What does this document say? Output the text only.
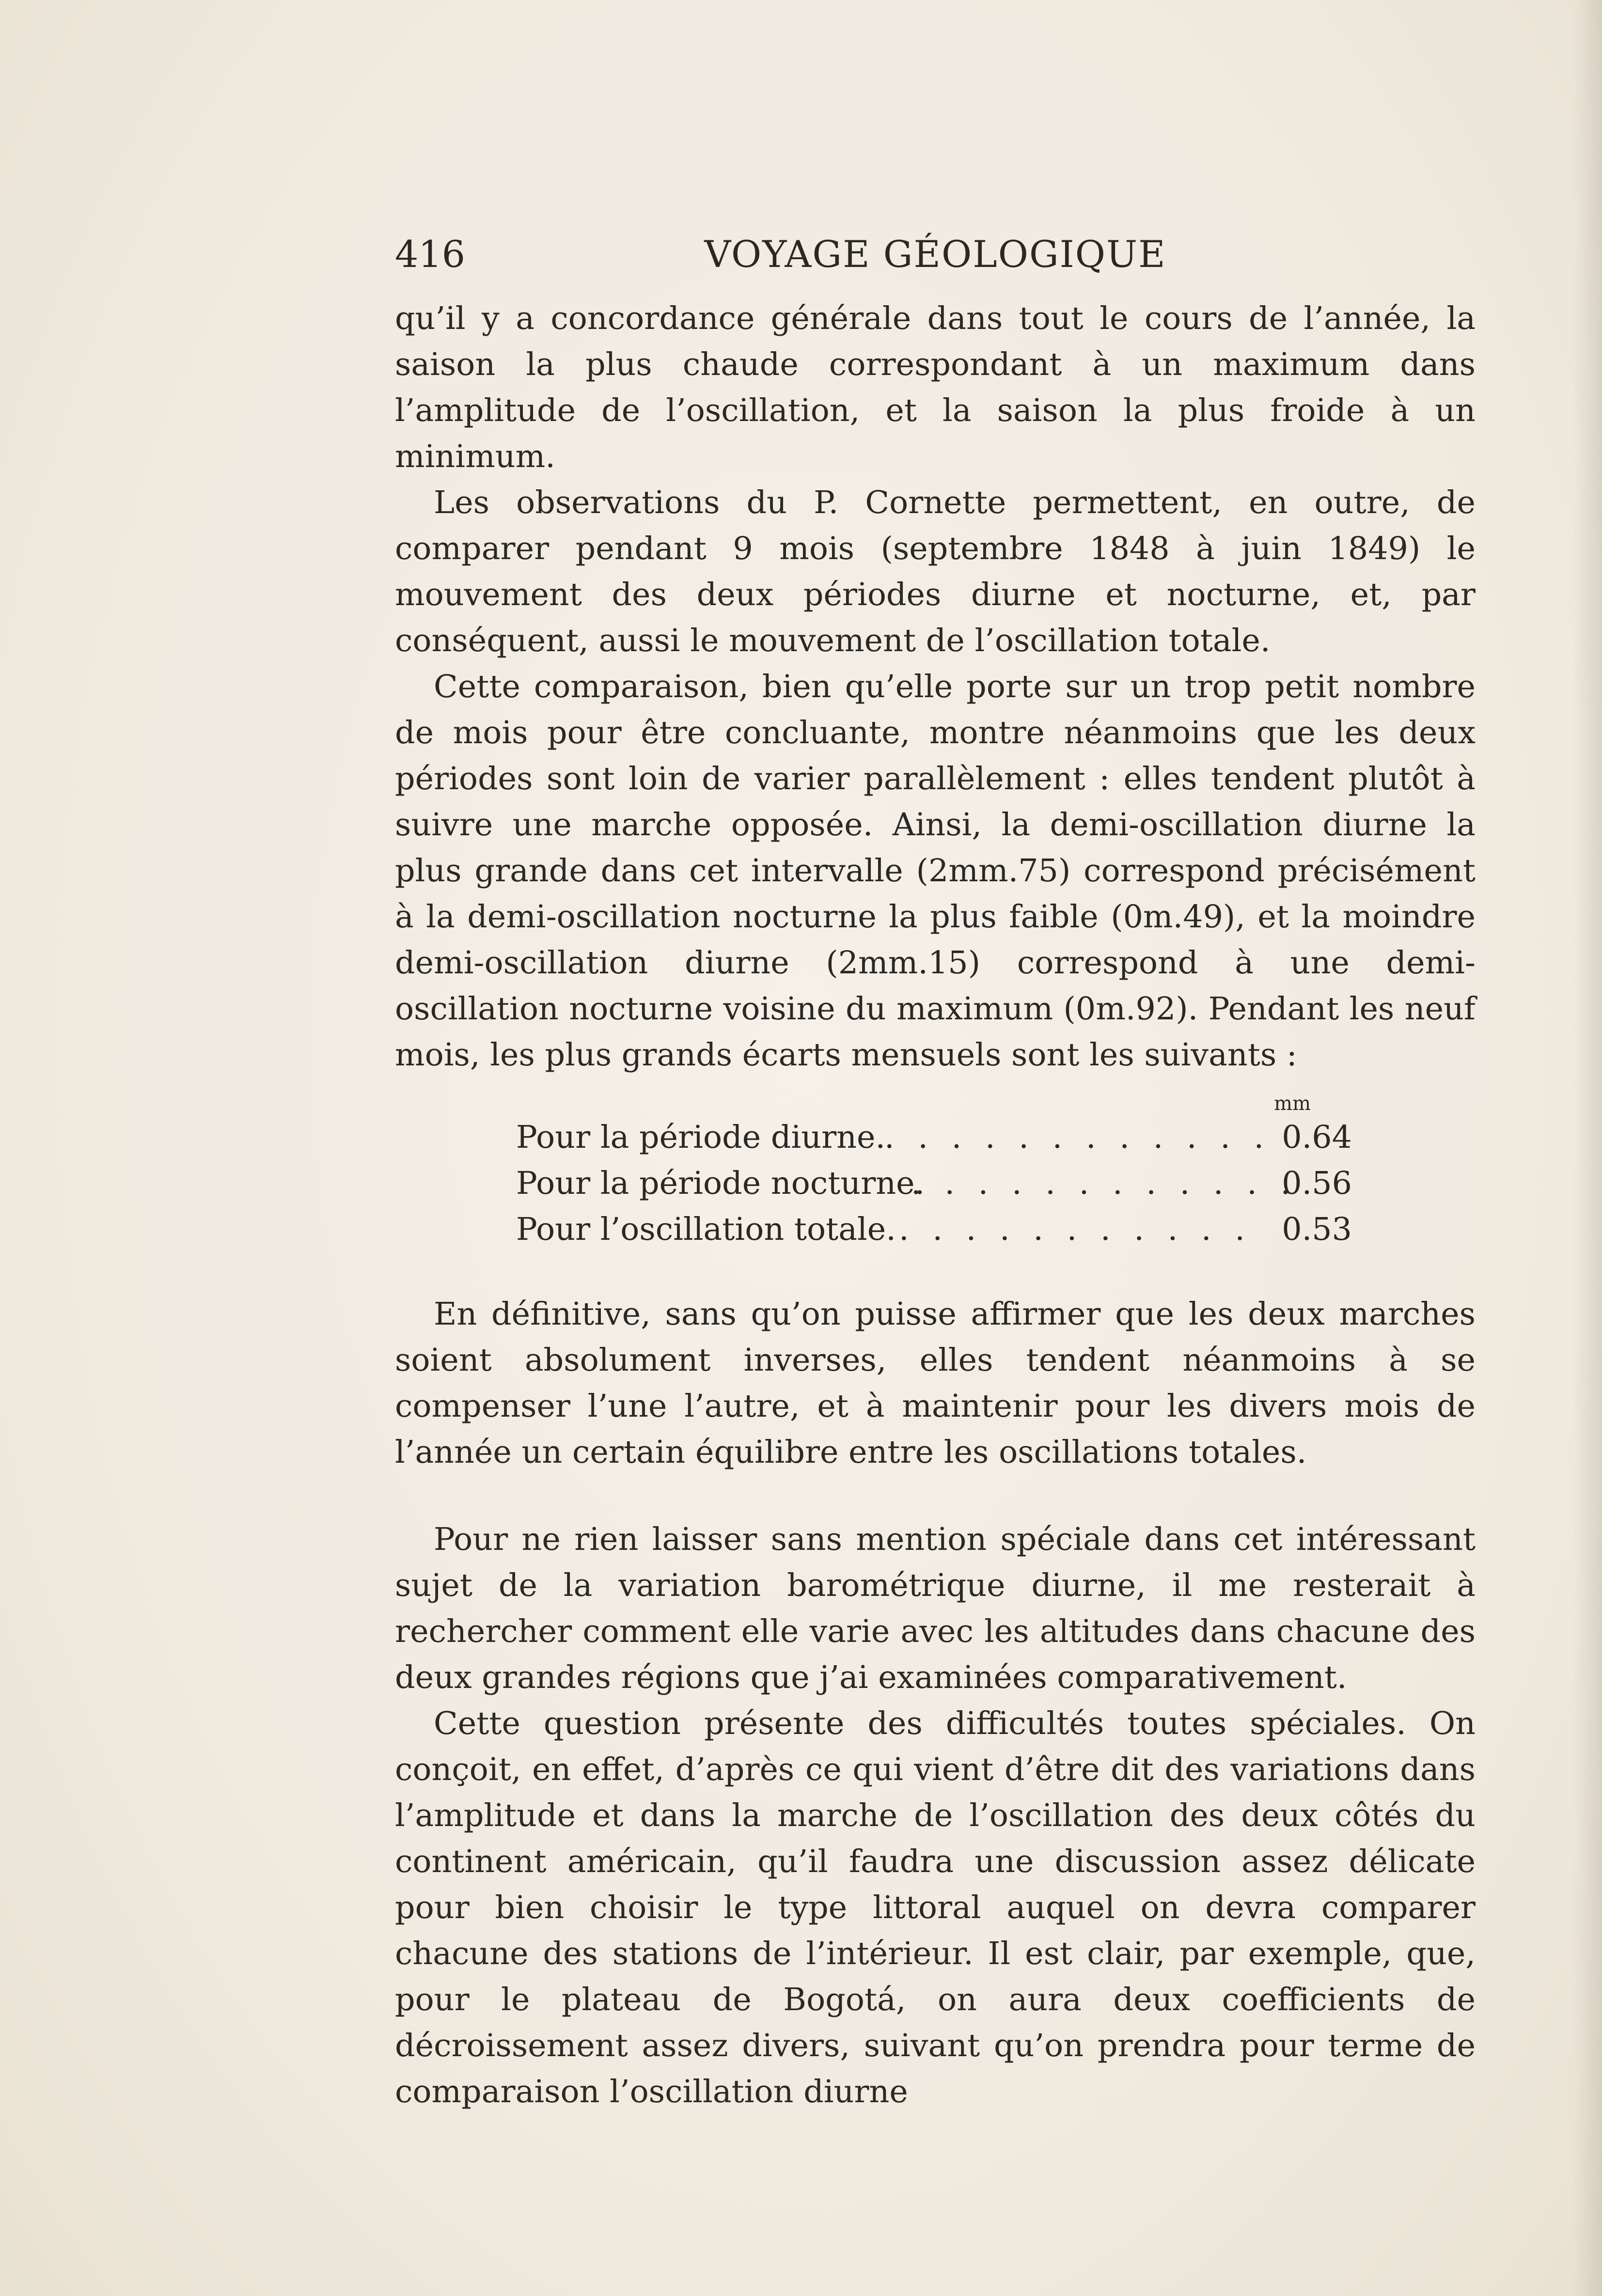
416	VOYAGE GÉOLOGIQUE

qu’il y a concordance générale dans tout le cours de l’année, la saison la plus chaude correspondant à un maximum dans l’amplitude de l’oscillation, et la saison la plus froide à un minimum.

Les observations du P. Cornette permettent, en outre, de comparer pendant 9 mois (septembre 1848 à juin 1849) le mouvement des deux périodes diurne et nocturne, et, par conséquent, aussi le mouvement de l’oscillation totale.

Cette comparaison, bien qu’elle porte sur un trop petit nombre de mois pour être concluante, montre néanmoins que les deux périodes sont loin de varier parallèlement : elles tendent plutôt à suivre une marche opposée. Ainsi, la demi-oscillation diurne la plus grande dans cet intervalle (2mm.75) correspond précisément à la demi-oscillation nocturne la plus faible (0m.49), et la moindre demi-oscillation diurne (2mm.15) correspond à une demi-oscillation nocturne voisine du maximum (0m.92). Pendant les neuf mois, les plus grands écarts mensuels sont les suivants :

mm
Pour la période diurne.
. . . . . . . . . . . . 0.64
Pour la période nocturne.
. . . . . . . . . . . .
0.56
Pour l’oscillation totale. . . . . . . . . . . . 0.53

En définitive, sans qu’on puisse affirmer que les deux marches soient absolument inverses, elles tendent néanmoins à se compenser l’une l’autre, et à maintenir pour les divers mois de l’année un certain équilibre entre les oscillations totales.

Pour ne rien laisser sans mention spéciale dans cet intéressant sujet de la variation barométrique diurne, il me resterait à rechercher comment elle varie avec les altitudes dans chacune des deux grandes régions que j’ai examinées comparativement.

Cette question présente des difficultés toutes spéciales. On conçoit, en effet, d’après ce qui vient d’être dit des variations dans l’amplitude et dans la marche de l’oscillation des deux côtés du continent américain, qu’il faudra une discussion assez délicate pour bien choisir le type littoral auquel on devra comparer chacune des stations de l’intérieur. Il est clair, par exemple, que, pour le plateau de Bogotá, on aura deux coefficients de décroissement assez divers, suivant qu’on prendra pour terme de comparaison l’oscillation diurne
